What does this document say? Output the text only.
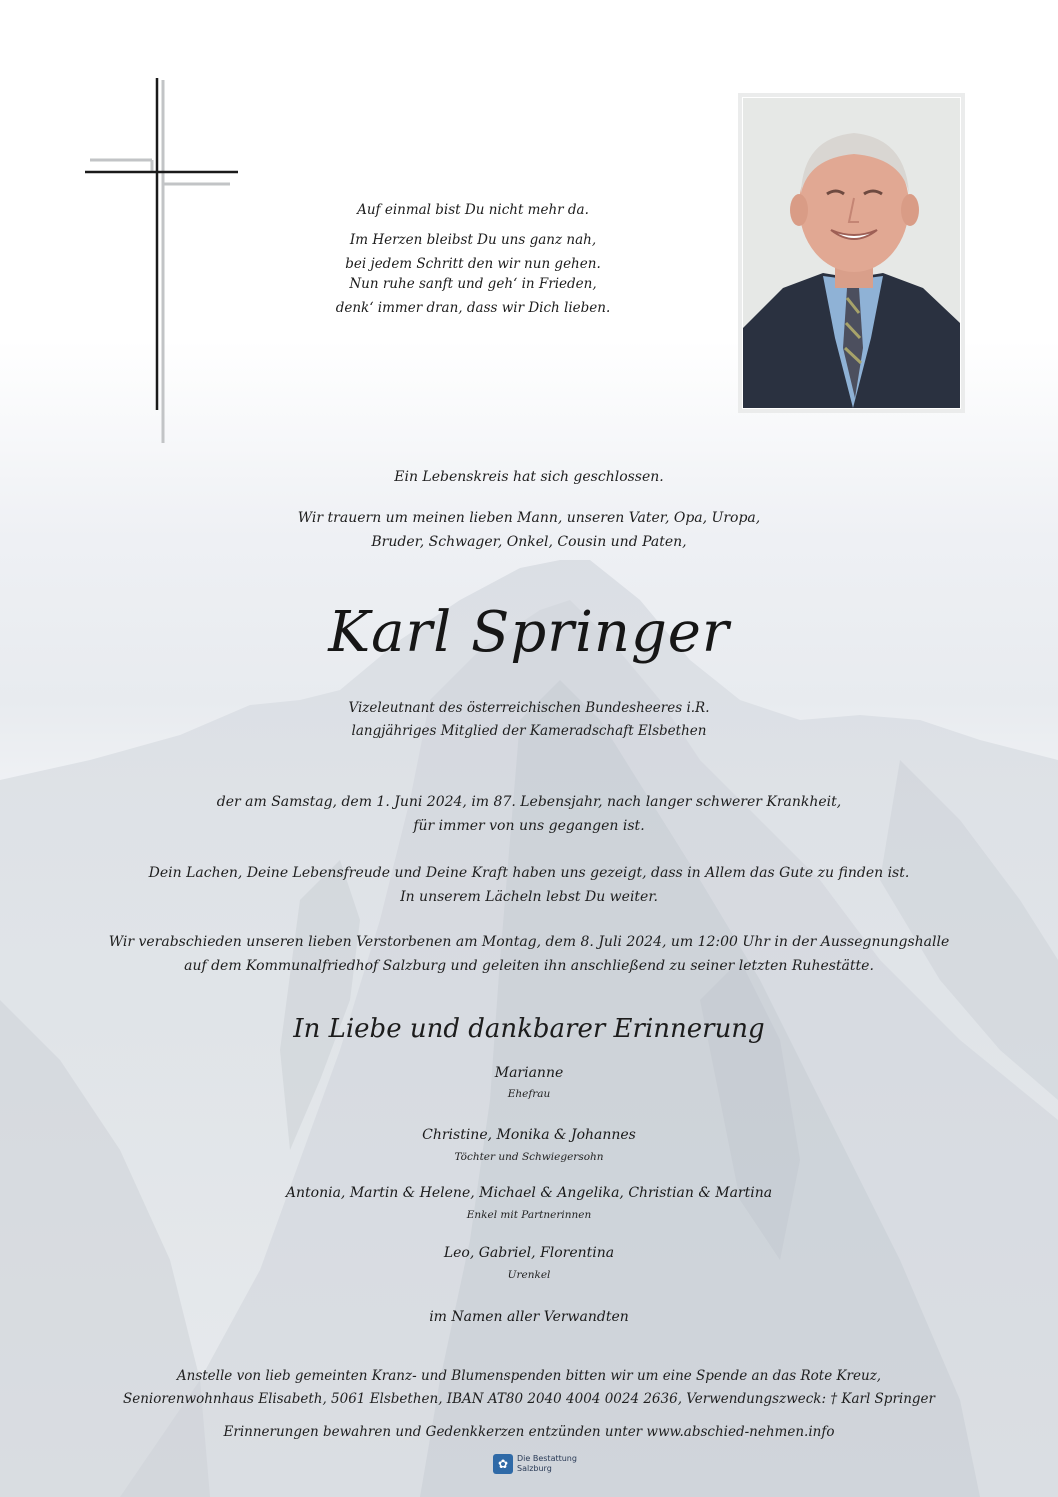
Auf einmal bist Du nicht mehr da.
Im Herzen bleibst Du uns ganz nah,
bei jedem Schritt den wir nun gehen.
Nun ruhe sanft und geh‘ in Frieden,
denk‘ immer dran, dass wir Dich lieben.
Ein Lebenskreis hat sich geschlossen.
Wir trauern um meinen lieben Mann, unseren Vater, Opa, Uropa,
Bruder, Schwager, Onkel, Cousin und Paten,
Karl Springer
Vizeleutnant des österreichischen Bundesheeres i.R.
langjähriges Mitglied der Kameradschaft Elsbethen
der am Samstag, dem 1. Juni 2024, im 87. Lebensjahr, nach langer schwerer Krankheit,
für immer von uns gegangen ist.
Dein Lachen, Deine Lebensfreude und Deine Kraft haben uns gezeigt, dass in Allem das Gute zu finden ist.
In unserem Lächeln lebst Du weiter.
Wir verabschieden unseren lieben Verstorbenen am Montag, dem 8. Juli 2024, um 12:00 Uhr in der Aussegnungshalle
auf dem Kommunalfriedhof Salzburg und geleiten ihn anschließend zu seiner letzten Ruhestätte.
In Liebe und dankbarer Erinnerung
Marianne
Ehefrau
Christine, Monika & Johannes
Töchter und Schwiegersohn
Antonia, Martin & Helene, Michael & Angelika, Christian & Martina
Enkel mit Partnerinnen
Leo, Gabriel, Florentina
Urenkel
im Namen aller Verwandten
Anstelle von lieb gemeinten Kranz- und Blumenspenden bitten wir um eine Spende an das Rote Kreuz,
Seniorenwohnhaus Elisabeth, 5061 Elsbethen, IBAN AT80 2040 4004 0024 2636, Verwendungszweck: † Karl Springer
Erinnerungen bewahren und Gedenkkerzen entzünden unter www.abschied-nehmen.info
✿	Die Bestattung
Salzburg
